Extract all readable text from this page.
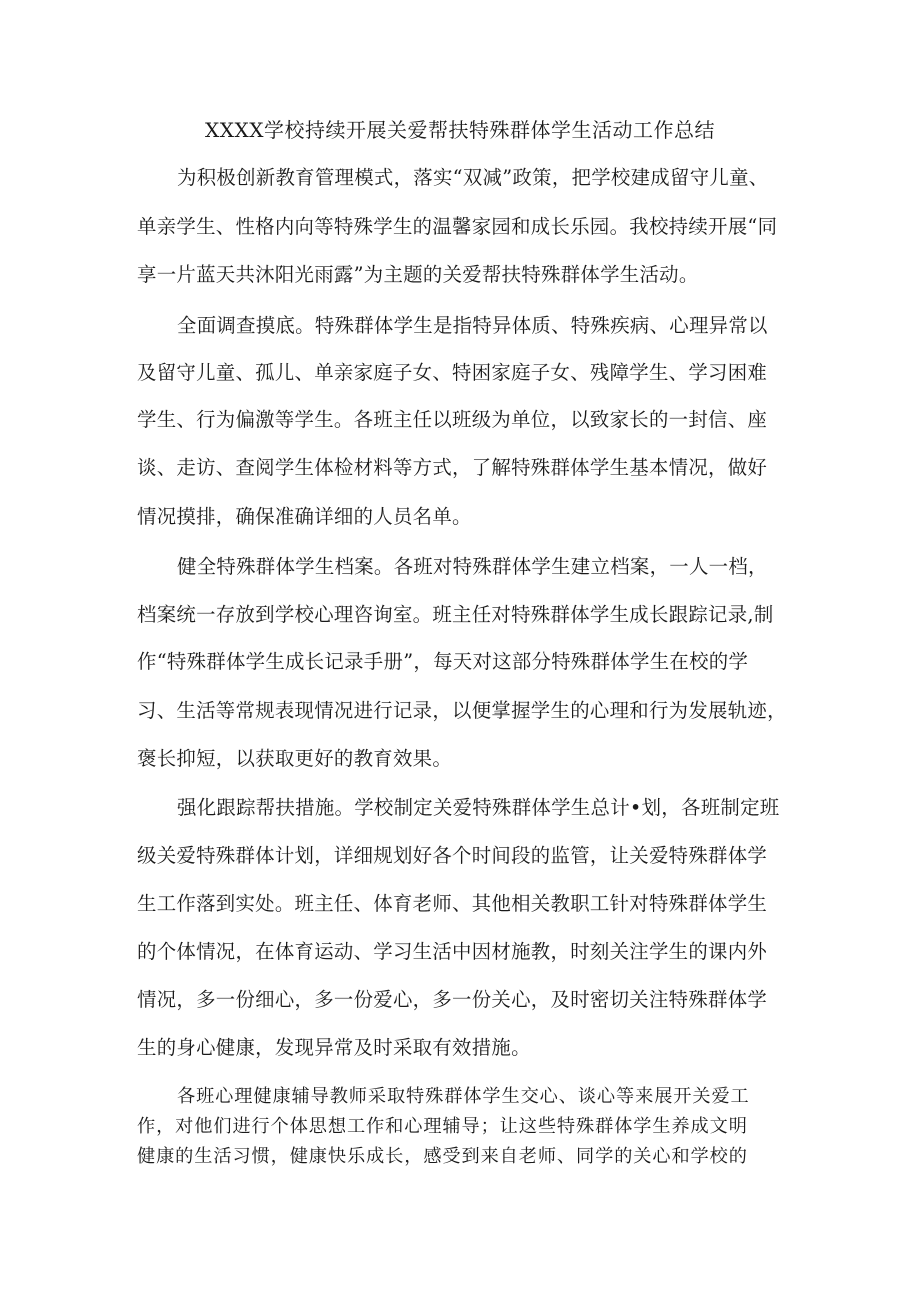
XXXX学校持续开展关爱帮扶特殊群体学生活动工作总结
为积极创新教育管理模式，落实“双减”政策，把学校建成留守儿童、
单亲学生、性格内向等特殊学生的温馨家园和成长乐园。我校持续开展“同
享一片蓝天共沐阳光雨露”为主题的关爱帮扶特殊群体学生活动。
全面调查摸底。特殊群体学生是指特异体质、特殊疾病、心理异常以
及留守儿童、孤儿、单亲家庭子女、特困家庭子女、残障学生、学习困难
学生、行为偏激等学生。各班主任以班级为单位，以致家长的一封信、座
谈、走访、查阅学生体检材料等方式，了解特殊群体学生基本情况，做好
情况摸排，确保准确详细的人员名单。
健全特殊群体学生档案。各班对特殊群体学生建立档案，一人一档，
档案统一存放到学校心理咨询室。班主任对特殊群体学生成长跟踪记录,制
作“特殊群体学生成长记录手册”，每天对这部分特殊群体学生在校的学
习、生活等常规表现情况进行记录，以便掌握学生的心理和行为发展轨迹，
褒长抑短，以获取更好的教育效果。
强化跟踪帮扶措施。学校制定关爱特殊群体学生总计•划，各班制定班
级关爱特殊群体计划，详细规划好各个时间段的监管，让关爱特殊群体学
生工作落到实处。班主任、体育老师、其他相关教职工针对特殊群体学生
的个体情况，在体育运动、学习生活中因材施教，时刻关注学生的课内外
情况，多一份细心，多一份爱心，多一份关心，及时密切关注特殊群体学
生的身心健康，发现异常及时采取有效措施。
各班心理健康辅导教师采取特殊群体学生交心、谈心等来展开关爱工
作，对他们进行个体思想工作和心理辅导；让这些特殊群体学生养成文明
健康的生活习惯，健康快乐成长，感受到来自老师、同学的关心和学校的
